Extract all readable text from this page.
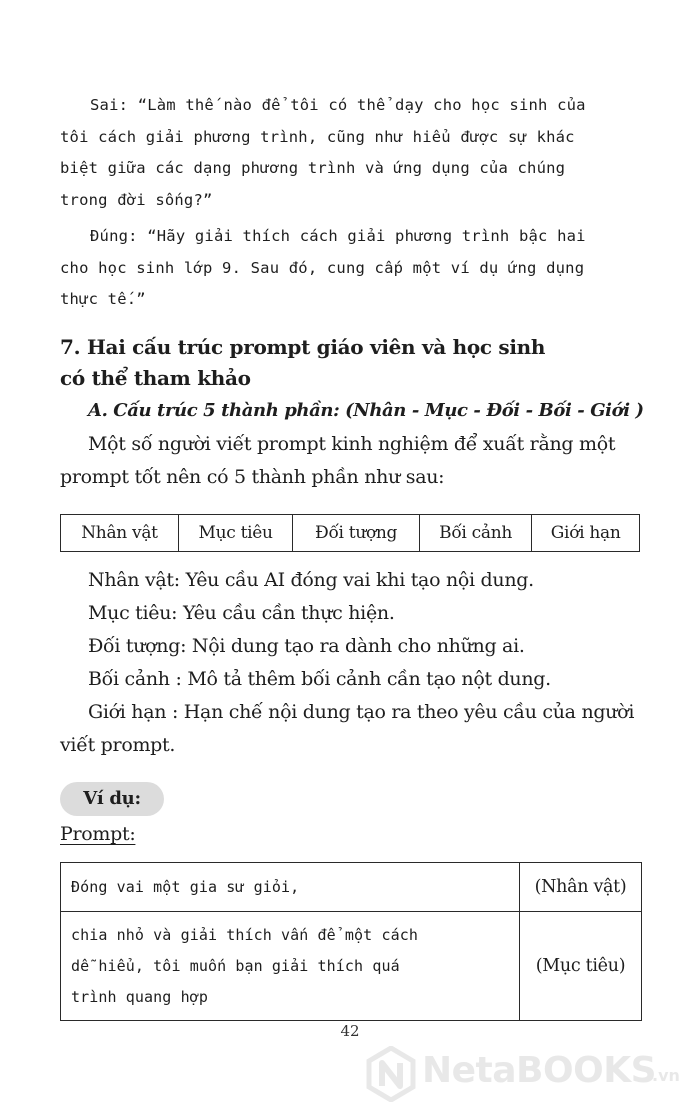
Sai: “Làm thế nào để tôi có thể dạy cho học sinh của
tôi cách giải phương trình, cũng như hiểu được sự khác
biệt giữa các dạng phương trình và ứng dụng của chúng
trong đời sống?”
Đúng: “Hãy giải thích cách giải phương trình bậc hai
cho học sinh lớp 9. Sau đó, cung cấp một ví dụ ứng dụng
thực tế.”
7. Hai cấu trúc prompt giáo viên và học sinh
có thể tham khảo
A. Cấu trúc 5 thành phần: (Nhân - Mục - Đối - Bối - Giới )
Một số người viết prompt kinh nghiệm để xuất rằng một
prompt tốt nên có 5 thành phần như sau:
Nhân vật	Mục tiêu	Đối tượng	Bối cảnh	Giới hạn
Nhân vật: Yêu cầu AI đóng vai khi tạo nội dung.
Mục tiêu: Yêu cầu cần thực hiện.
Đối tượng: Nội dung tạo ra dành cho những ai.
Bối cảnh : Mô tả thêm bối cảnh cần tạo nột dung.
Giới hạn : Hạn chế nội dung tạo ra theo yêu cầu của người
viết prompt.
Ví dụ:
Prompt:
Đóng vai một gia sư giỏi,	(Nhân vật)

chia nhỏ và giải thích vấn để một cách
dễ hiểu, tôi muốn bạn giải thích quá
trình quang hợp	(Mục tiêu)
42
NetaBOOKS
.vn
